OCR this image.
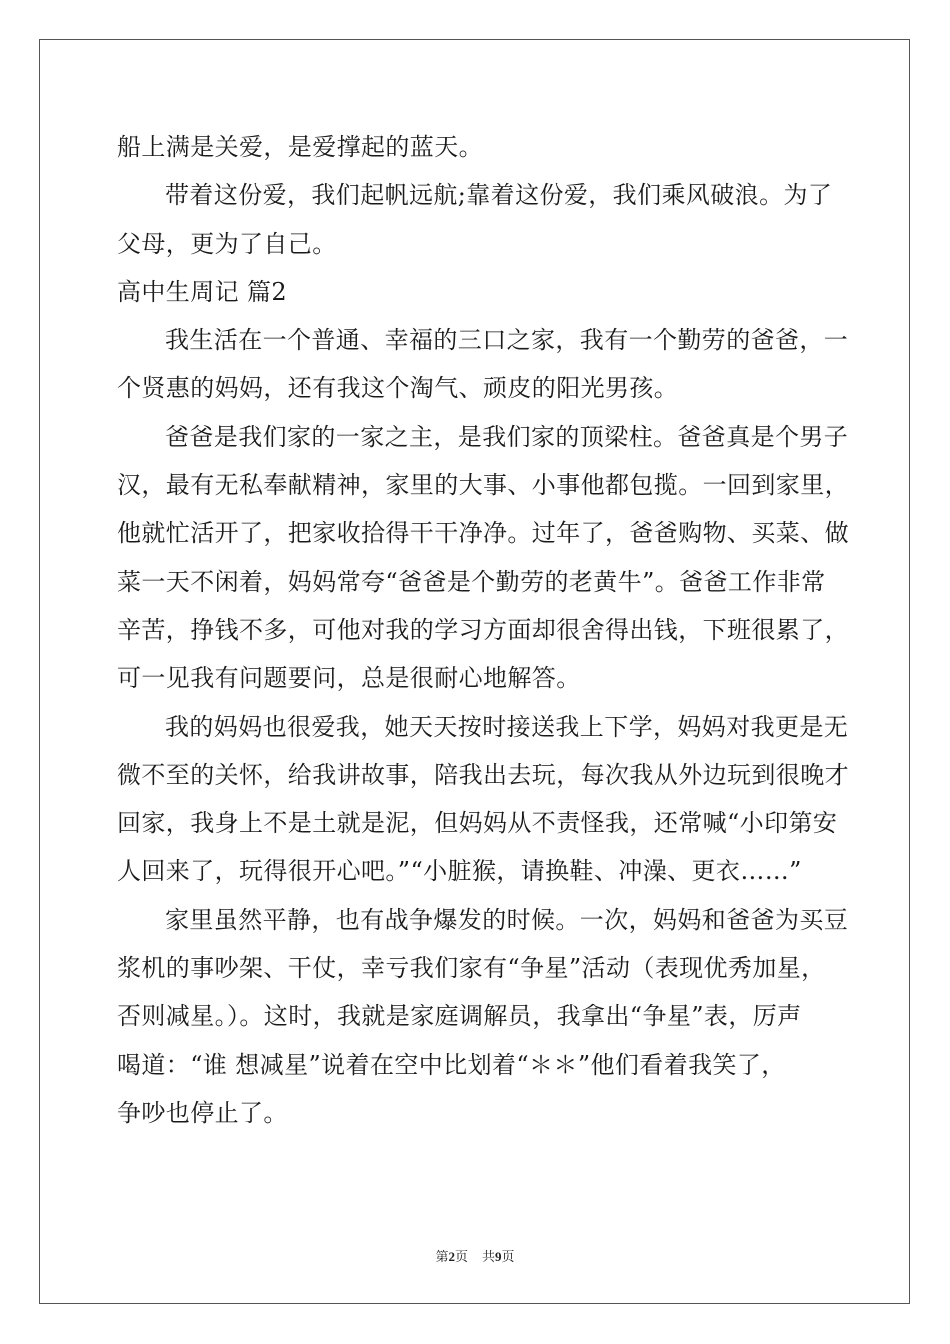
船上满是关爱，是爱撑起的蓝天。
带着这份爱，我们起帆远航;靠着这份爱，我们乘风破浪。为了
父母，更为了自己。
高中生周记 篇2
我生活在一个普通、幸福的三口之家，我有一个勤劳的爸爸，一
个贤惠的妈妈，还有我这个淘气、顽皮的阳光男孩。
爸爸是我们家的一家之主，是我们家的顶梁柱。爸爸真是个男子
汉，最有无私奉献精神，家里的大事、小事他都包揽。一回到家里，
他就忙活开了，把家收拾得干干净净。过年了，爸爸购物、买菜、做
菜一天不闲着，妈妈常夸“爸爸是个勤劳的老黄牛”。爸爸工作非常
辛苦，挣钱不多，可他对我的学习方面却很舍得出钱，下班很累了，
可一见我有问题要问，总是很耐心地解答。
我的妈妈也很爱我，她天天按时接送我上下学，妈妈对我更是无
微不至的关怀，给我讲故事，陪我出去玩，每次我从外边玩到很晚才
回家，我身上不是土就是泥，但妈妈从不责怪我，还常喊“小印第安
人回来了，玩得很开心吧。”“小脏猴，请换鞋、冲澡、更衣……”
家里虽然平静，也有战争爆发的时候。一次，妈妈和爸爸为买豆
浆机的事吵架、干仗，幸亏我们家有“争星”活动（表现优秀加星，
否则减星。）。这时，我就是家庭调解员，我拿出“争星”表，厉声
喝道：“谁 想减星”说着在空中比划着“＊＊”他们看着我笑了，
争吵也停止了。
第2页 共9页
